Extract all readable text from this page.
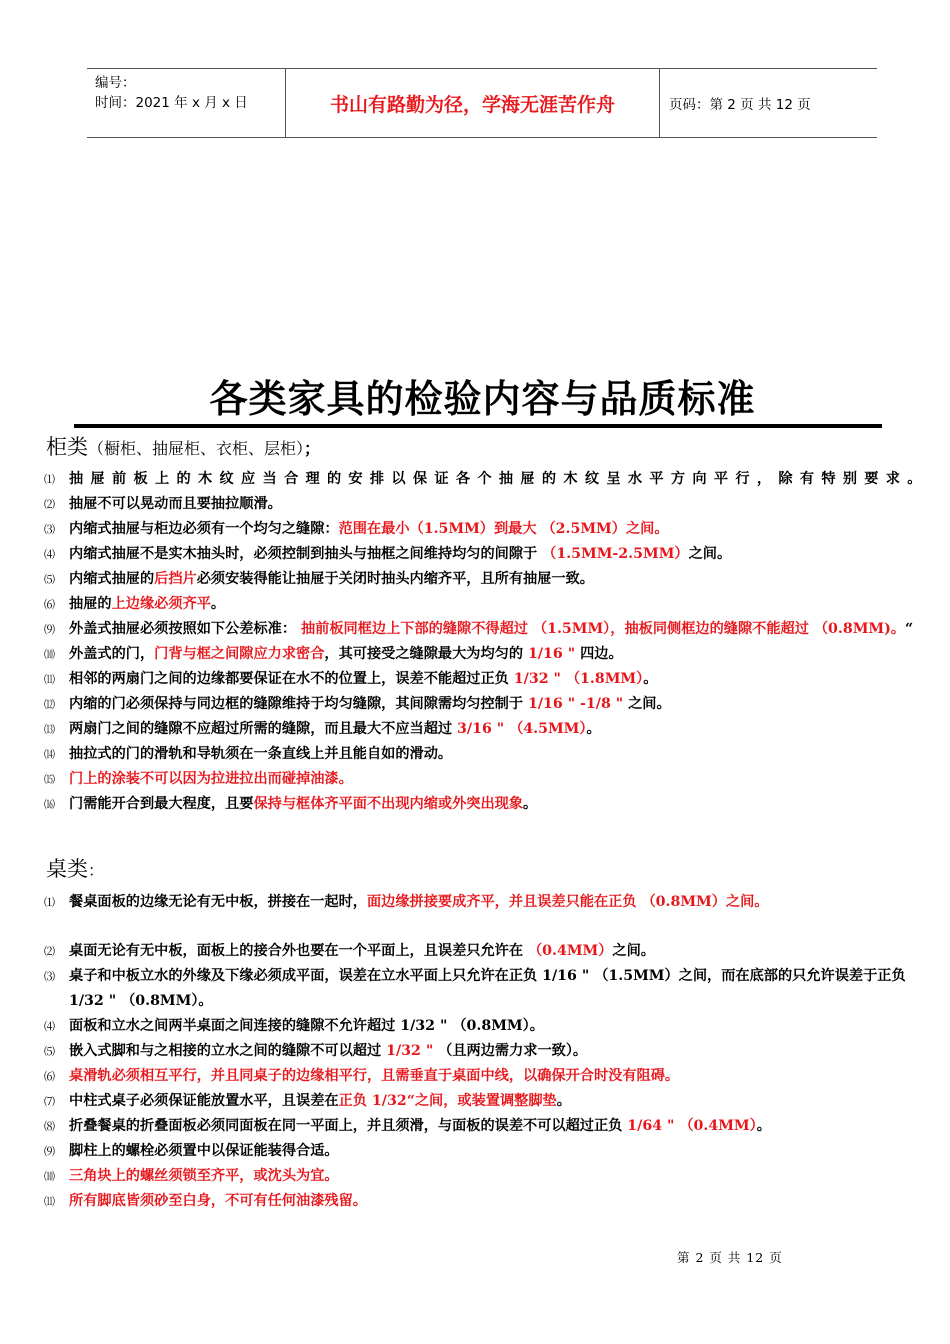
编号：
时间：2021 年 x 月 x 日	书山有路勤为径，学海无涯苦作舟	页码：第 2 页 共 12 页
各类家具的检验内容与品质标准
柜类（橱柜、抽屉柜、衣柜、层柜）；
⑴ 抽屉前板上的木纹应当合理的安排以保证各个抽屉的木纹呈水平方向平行，除有特别要求。
⑵ 抽屉不可以晃动而且要抽拉顺滑。
⑶ 内缩式抽屉与柜边必须有一个均匀之缝隙：范围在最小（1.5MM）到最大 （2.5MM）之间。
⑷ 内缩式抽屉不是实木抽头时，必须控制到抽头与抽框之间维持均匀的间隙于 （1.5MM-2.5MM）之间。
⑸ 内缩式抽屉的后挡片必须安装得能让抽屉于关闭时抽头内缩齐平，且所有抽屉一致。
⑹ 抽屉的上边缘必须齐平。
⑼ 外盖式抽屉必须按照如下公差标准： 抽前板同框边上下部的缝隙不得超过 （1.5MM），抽板同侧框边的缝隙不能超过 （0.8MM)。“
⑽ 外盖式的门，门背与框之间隙应力求密合，其可接受之缝隙最大为均匀的 1/16 " 四边。
⑾ 相邻的两扇门之间的边缘都要保证在水不的位置上，误差不能超过正负 1/32 " （1.8MM）。
⑿ 内缩的门必须保持与同边框的缝隙维持于均匀缝隙，其间隙需均匀控制于 1/16 " -1/8 " 之间。
⒀ 两扇门之间的缝隙不应超过所需的缝隙，而且最大不应当超过 3/16 " （4.5MM）。
⒁ 抽拉式的门的滑轨和导轨须在一条直线上并且能自如的滑动。
⒂ 门上的涂装不可以因为拉进拉出而碰掉油漆。
⒃ 门需能开合到最大程度，且要保持与框体齐平面不出现内缩或外突出现象。
桌类：
⑴ 餐桌面板的边缘无论有无中板，拼接在一起时，面边缘拼接要成齐平，并且误差只能在正负 （0.8MM）之间。
⑵ 桌面无论有无中板，面板上的接合外也要在一个平面上，且误差只允许在 （0.4MM）之间。
⑶ 桌子和中板立水的外缘及下缘必须成平面，误差在立水平面上只允许在正负 1/16 " （1.5MM）之间，而在底部的只允许误差于正负 1/32 " （0.8MM）。
⑷ 面板和立水之间两半桌面之间连接的缝隙不允许超过 1/32 " （0.8MM）。
⑸ 嵌入式脚和与之相接的立水之间的缝隙不可以超过 1/32 " （且两边需力求一致）。
⑹ 桌滑轨必须相互平行，并且同桌子的边缘相平行，且需垂直于桌面中线，以确保开合时没有阻碍。
⑺ 中柱式桌子必须保证能放置水平，且误差在正负 1/32“之间，或装置调整脚垫。
⑻ 折叠餐桌的折叠面板必须同面板在同一平面上，并且须滑，与面板的误差不可以超过正负 1/64 " （0.4MM）。
⑼ 脚柱上的螺栓必须置中以保证能装得合适。
⑽ 三角块上的螺丝须锁至齐平，或沈头为宜。
⑾ 所有脚底皆须砂至白身，不可有任何油漆残留。
第 2 页 共 12 页
